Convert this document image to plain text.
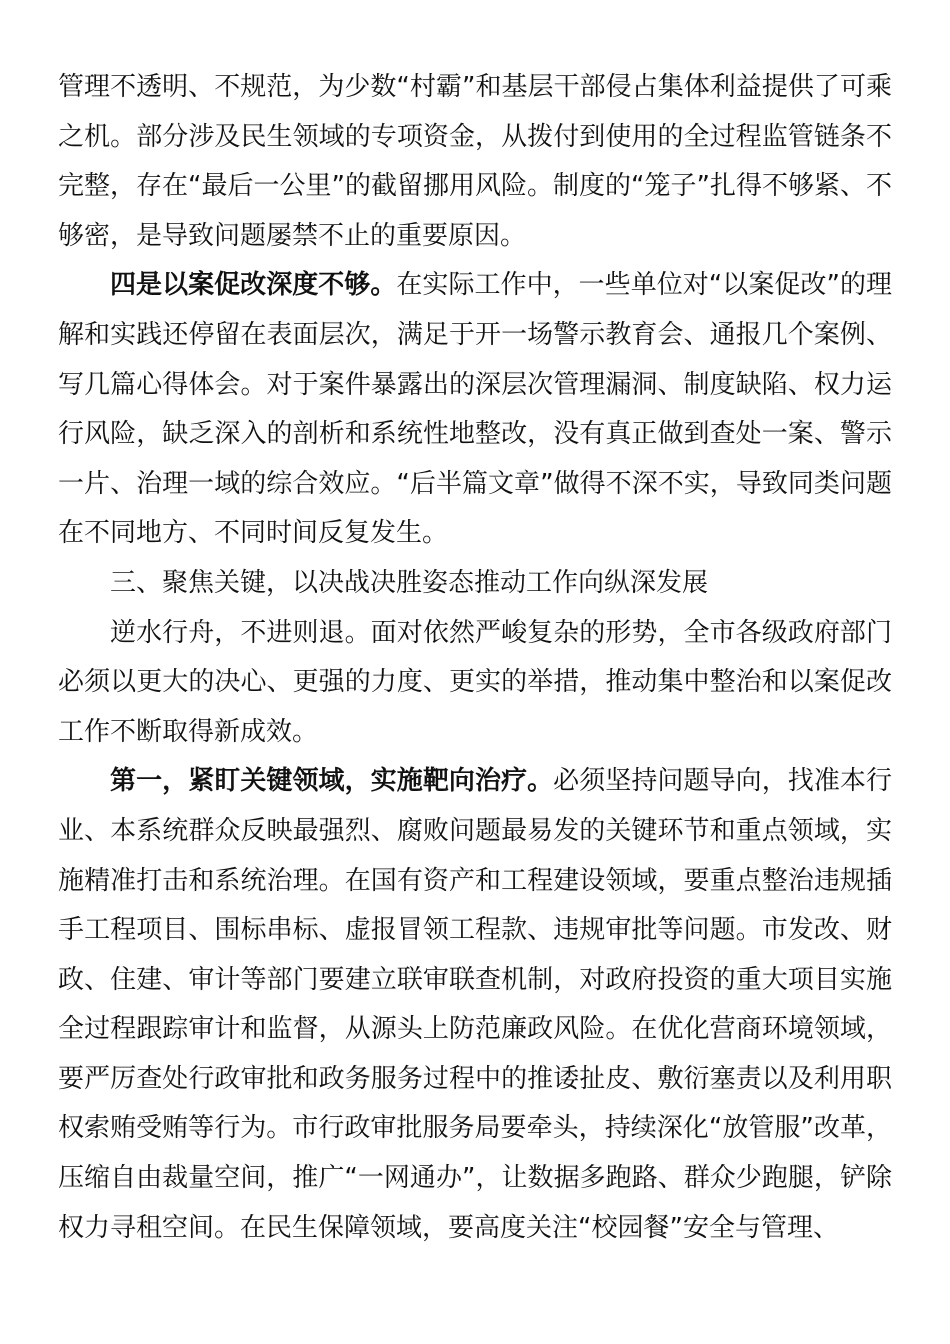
管理不透明、不规范，为少数“村霸”和基层干部侵占集体利益提供了可乘之机。部分涉及民生领域的专项资金，从拨付到使用的全过程监管链条不完整，存在“最后一公里”的截留挪用风险。制度的“笼子”扎得不够紧、不够密，是导致问题屡禁不止的重要原因。

四是以案促改深度不够。在实际工作中，一些单位对“以案促改”的理解和实践还停留在表面层次，满足于开一场警示教育会、通报几个案例、写几篇心得体会。对于案件暴露出的深层次管理漏洞、制度缺陷、权力运行风险，缺乏深入的剖析和系统性地整改，没有真正做到查处一案、警示一片、治理一域的综合效应。“后半篇文章”做得不深不实，导致同类问题在不同地方、不同时间反复发生。

三、聚焦关键，以决战决胜姿态推动工作向纵深发展

逆水行舟，不进则退。面对依然严峻复杂的形势，全市各级政府部门必须以更大的决心、更强的力度、更实的举措，推动集中整治和以案促改工作不断取得新成效。

第一，紧盯关键领域，实施靶向治疗。必须坚持问题导向，找准本行业、本系统群众反映最强烈、腐败问题最易发的关键环节和重点领域，实施精准打击和系统治理。在国有资产和工程建设领域，要重点整治违规插手工程项目、围标串标、虚报冒领工程款、违规审批等问题。市发改、财政、住建、审计等部门要建立联审联查机制，对政府投资的重大项目实施全过程跟踪审计和监督，从源头上防范廉政风险。在优化营商环境领域，要严厉查处行政审批和政务服务过程中的推诿扯皮、敷衍塞责以及利用职权索贿受贿等行为。市行政审批服务局要牵头，持续深化“放管服”改革，压缩自由裁量空间，推广“一网通办”，让数据多跑路、群众少跑腿，铲除权力寻租空间。在民生保障领域，要高度关注“校园餐”安全与管理、
